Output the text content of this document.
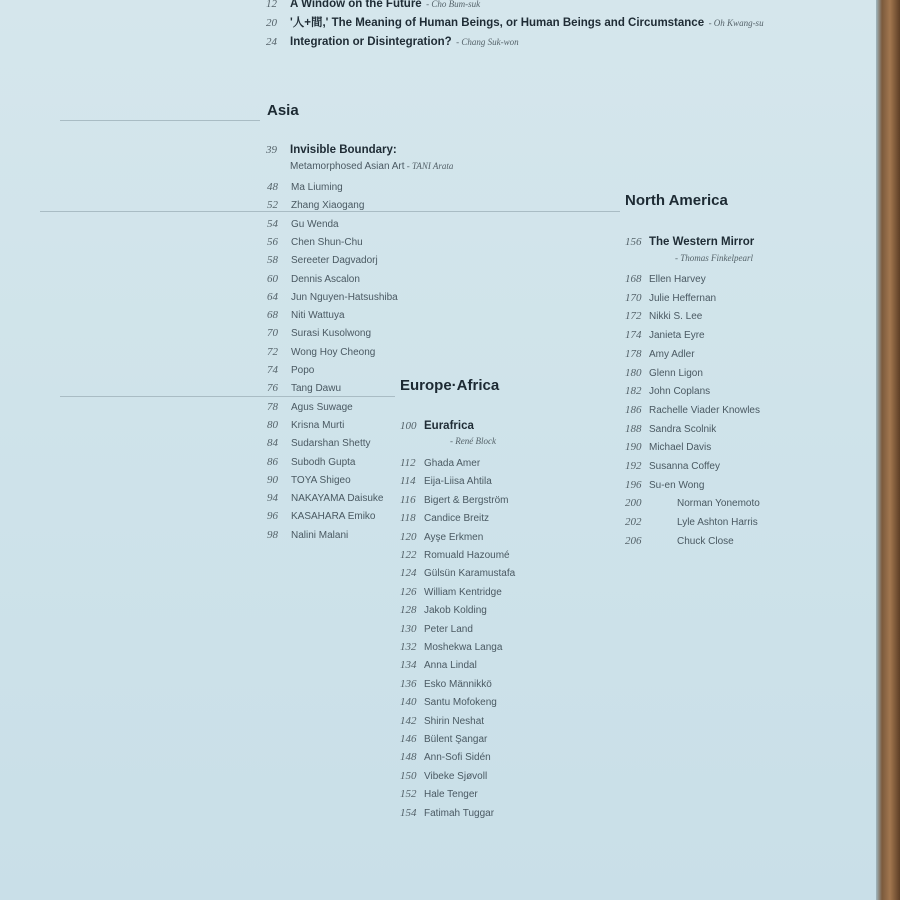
12 A Window on the Future - Cho Bum-suk
20 '人+間,' The Meaning of Human Beings, or Human Beings and Circumstance - Oh Kwang-su
24 Integration or Disintegration? - Chang Suk-won
Asia
39 Invisible Boundary:
Metamorphosed Asian Art - TANI Arata
48 Ma Liuming
52 Zhang Xiaogang
54 Gu Wenda
56 Chen Shun-Chu
58 Sereeter Dagvadorj
60 Dennis Ascalon
64 Jun Nguyen-Hatsushiba
68 Niti Wattuya
70 Surasi Kusolwong
72 Wong Hoy Cheong
74 Popo
76 Tang Dawu
78 Agus Suwage
80 Krisna Murti
84 Sudarshan Shetty
86 Subodh Gupta
90 TOYA Shigeo
94 NAKAYAMA Daisuke
96 KASAHARA Emiko
98 Nalini Malani
Europe·Africa
100 Eurafrica
- René Block
112 Ghada Amer
114 Eija-Liisa Ahtila
116 Bigert & Bergström
118 Candice Breitz
120 Ayşe Erkmen
122 Romuald Hazoumé
124 Gülsün Karamustafa
126 William Kentridge
128 Jakob Kolding
130 Peter Land
132 Moshekwa Langa
134 Anna Lindal
136 Esko Männikkö
140 Santu Mofokeng
142 Shirin Neshat
146 Bülent Şangar
148 Ann-Sofi Sidén
150 Vibeke Sjøvoll
152 Hale Tenger
154 Fatimah Tuggar
North America
156 The Western Mirror
- Thomas Finkelpearl
168 Ellen Harvey
170 Julie Heffernan
172 Nikki S. Lee
174 Janieta Eyre
178 Amy Adler
180 Glenn Ligon
182 John Coplans
186 Rachelle Viader Knowles
188 Sandra Scolnik
190 Michael Davis
192 Susanna Coffey
196 Su-en Wong
200	Norman Yonemoto
202	Lyle Ashton Harris
206	Chuck Close
